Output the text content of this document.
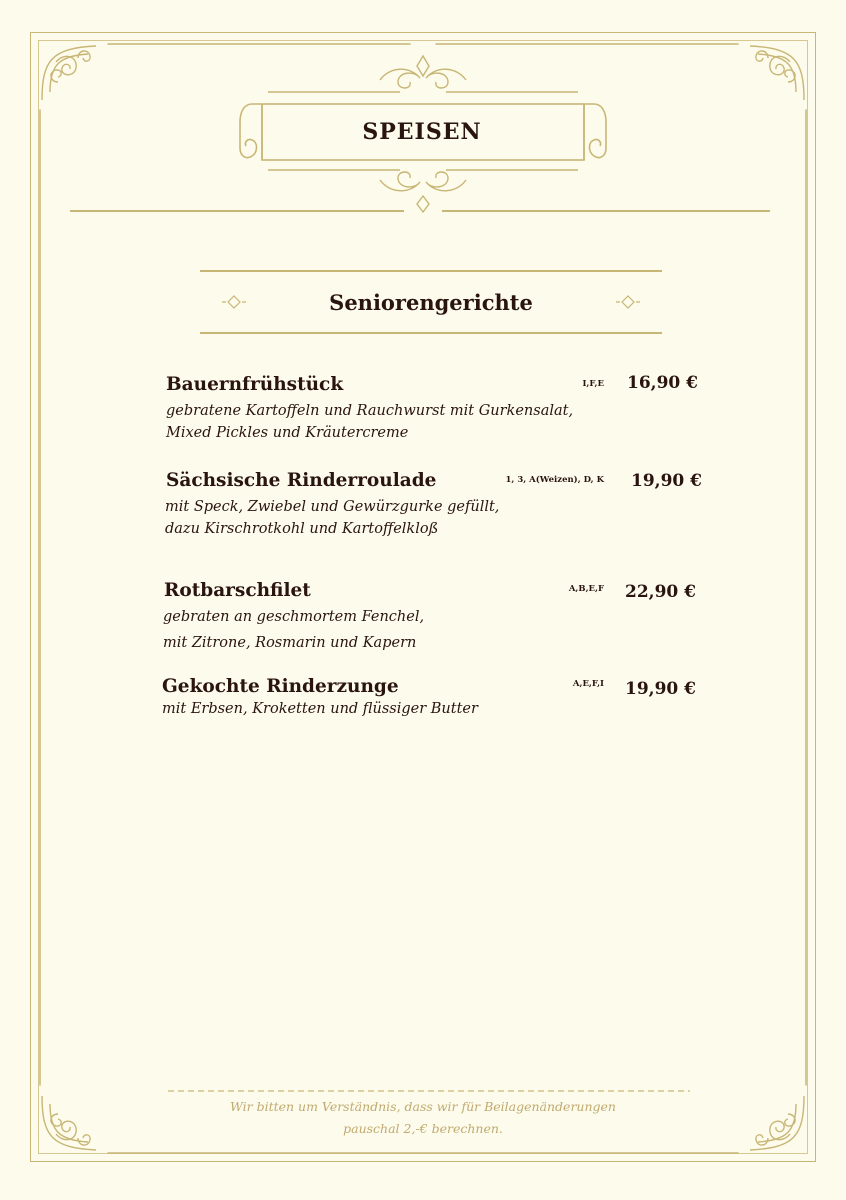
SPEISEN
Seniorengerichte
Bauernfrühstück	I,F,E	16,90 €
gebratene Kartoffeln und Rauchwurst mit Gurkensalat,
Mixed Pickles und Kräutercreme
Sächsische Rinderroulade	1, 3, A(Weizen), D, K	19,90 €
mit Speck, Zwiebel und Gewürzgurke gefüllt,
dazu Kirschrotkohl und Kartoffelkloß
Rotbarschfilet	A,B,E,F	22,90 €
gebraten an geschmortem Fenchel,
mit Zitrone, Rosmarin und Kapern
Gekochte Rinderzunge	A,E,F,I	19,90 €
mit Erbsen, Kroketten und flüssiger Butter
Wir bitten um Verständnis, dass wir für Beilagenänderungen
pauschal 2,-€ berechnen.
